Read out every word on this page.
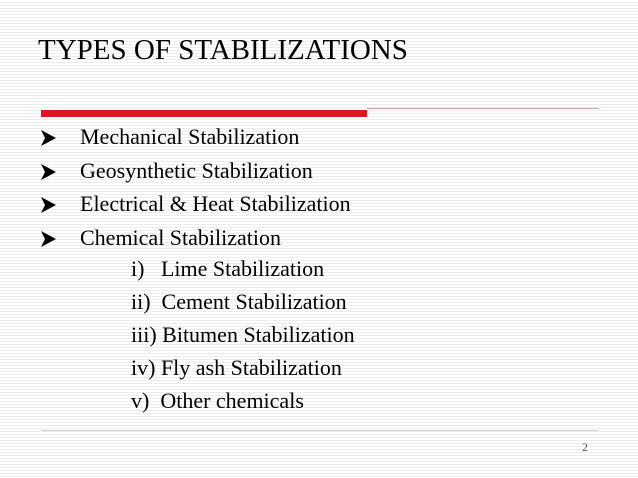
TYPES OF STABILIZATIONS
Mechanical Stabilization
Geosynthetic Stabilization
Electrical & Heat Stabilization
Chemical Stabilization
i)   Lime Stabilization
ii)  Cement Stabilization
iii) Bitumen Stabilization
iv) Fly ash Stabilization
v)  Other chemicals
2
